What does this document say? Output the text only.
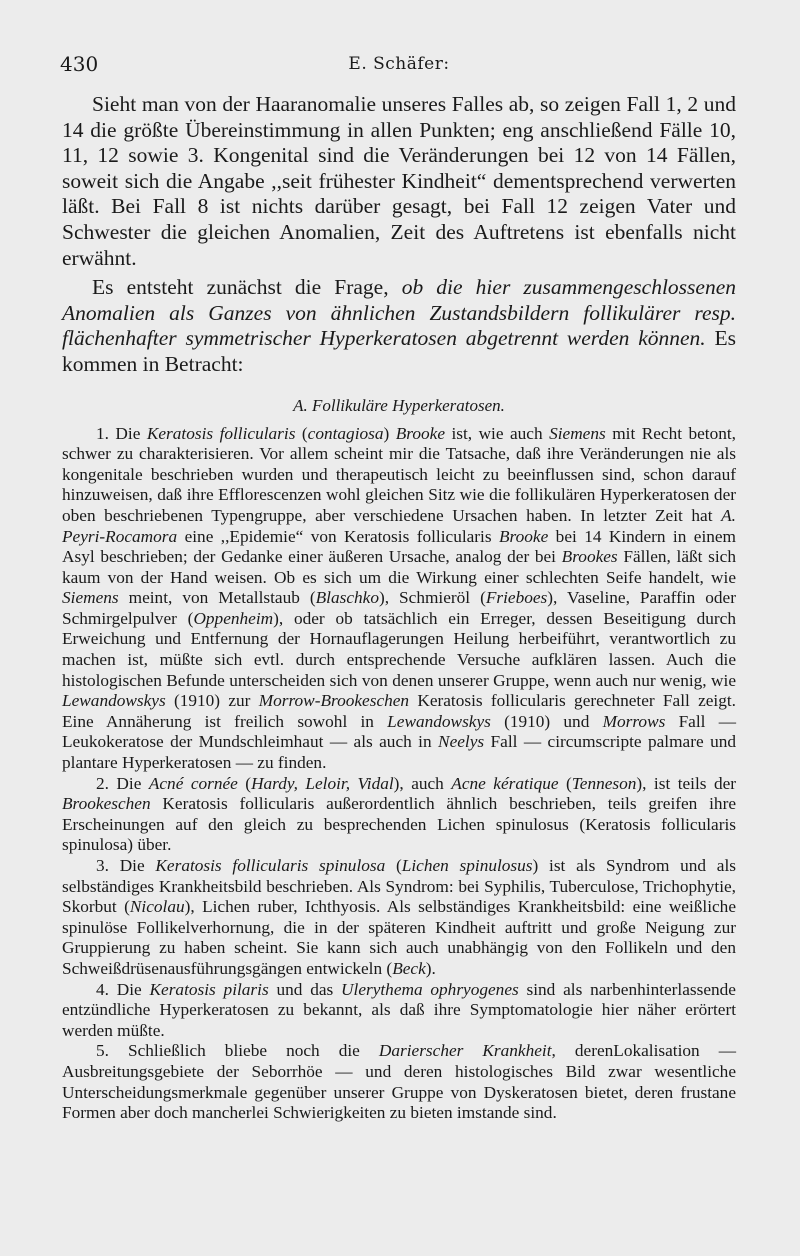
430	E. Schäfer:

Sieht man von der Haaranomalie unseres Falles ab, so zeigen Fall 1, 2 und 14 die größte Übereinstimmung in allen Punkten; eng anschließend Fälle 10, 11, 12 sowie 3. Kongenital sind die Veränderungen bei 12 von 14 Fällen, soweit sich die Angabe ,,seit frühester Kindheit“ dementsprechend verwerten läßt. Bei Fall 8 ist nichts darüber gesagt, bei Fall 12 zeigen Vater und Schwester die gleichen Anomalien, Zeit des Auftretens ist ebenfalls nicht erwähnt.

Es entsteht zunächst die Frage, ob die hier zusammengeschlossenen Anomalien als Ganzes von ähnlichen Zustandsbildern follikulärer resp. flächenhafter symmetrischer Hyperkeratosen abgetrennt werden können. Es kommen in Betracht:

A. Follikuläre Hyperkeratosen.

1. Die Keratosis follicularis (contagiosa) Brooke ist, wie auch Siemens mit Recht betont, schwer zu charakterisieren. Vor allem scheint mir die Tatsache, daß ihre Veränderungen nie als kongenitale beschrieben wurden und therapeutisch leicht zu beeinflussen sind, schon darauf hinzuweisen, daß ihre Efflorescenzen wohl gleichen Sitz wie die follikulären Hyperkeratosen der oben beschriebenen Typengruppe, aber verschiedene Ursachen haben. In letzter Zeit hat A. Peyri-Rocamora eine ,,Epidemie“ von Keratosis follicularis Brooke bei 14 Kindern in einem Asyl beschrieben; der Gedanke einer äußeren Ursache, analog der bei Brookes Fällen, läßt sich kaum von der Hand weisen. Ob es sich um die Wirkung einer schlechten Seife handelt, wie Siemens meint, von Metallstaub (Blaschko), Schmieröl (Frieboes), Vaseline, Paraffin oder Schmirgelpulver (Oppenheim), oder ob tatsächlich ein Erreger, dessen Beseitigung durch Erweichung und Entfernung der Hornauflagerungen Heilung herbeiführt, verantwortlich zu machen ist, müßte sich evtl. durch entsprechende Versuche aufklären lassen. Auch die histologischen Befunde unterscheiden sich von denen unserer Gruppe, wenn auch nur wenig, wie Lewandowskys (1910) zur Morrow-Brookeschen Keratosis follicularis gerechneter Fall zeigt. Eine Annäherung ist freilich sowohl in Lewandowskys (1910) und Morrows Fall — Leukokeratose der Mundschleimhaut — als auch in Neelys Fall — circumscripte palmare und plantare Hyperkeratosen — zu finden.

2. Die Acné cornée (Hardy, Leloir, Vidal), auch Acne kératique (Tenneson), ist teils der Brookeschen Keratosis follicularis außerordentlich ähnlich beschrieben, teils greifen ihre Erscheinungen auf den gleich zu besprechenden Lichen spinulosus (Keratosis follicularis spinulosa) über.

3. Die Keratosis follicularis spinulosa (Lichen spinulosus) ist als Syndrom und als selbständiges Krankheitsbild beschrieben. Als Syndrom: bei Syphilis, Tuberculose, Trichophytie, Skorbut (Nicolau), Lichen ruber, Ichthyosis. Als selbständiges Krankheitsbild: eine weißliche spinulöse Follikelverhornung, die in der späteren Kindheit auftritt und große Neigung zur Gruppierung zu haben scheint. Sie kann sich auch unabhängig von den Follikeln und den Schweißdrüsenausführungsgängen entwickeln (Beck).

4. Die Keratosis pilaris und das Ulerythema ophryogenes sind als narbenhinterlassende entzündliche Hyperkeratosen zu bekannt, als daß ihre Symptomatologie hier näher erörtert werden müßte.

5. Schließlich bliebe noch die Darierscher Krankheit, derenLokalisation — Ausbreitungsgebiete der Seborrhöe — und deren histologisches Bild zwar wesentliche Unterscheidungsmerkmale gegenüber unserer Gruppe von Dyskeratosen bietet, deren frustane Formen aber doch mancherlei Schwierigkeiten zu bieten imstande sind.
